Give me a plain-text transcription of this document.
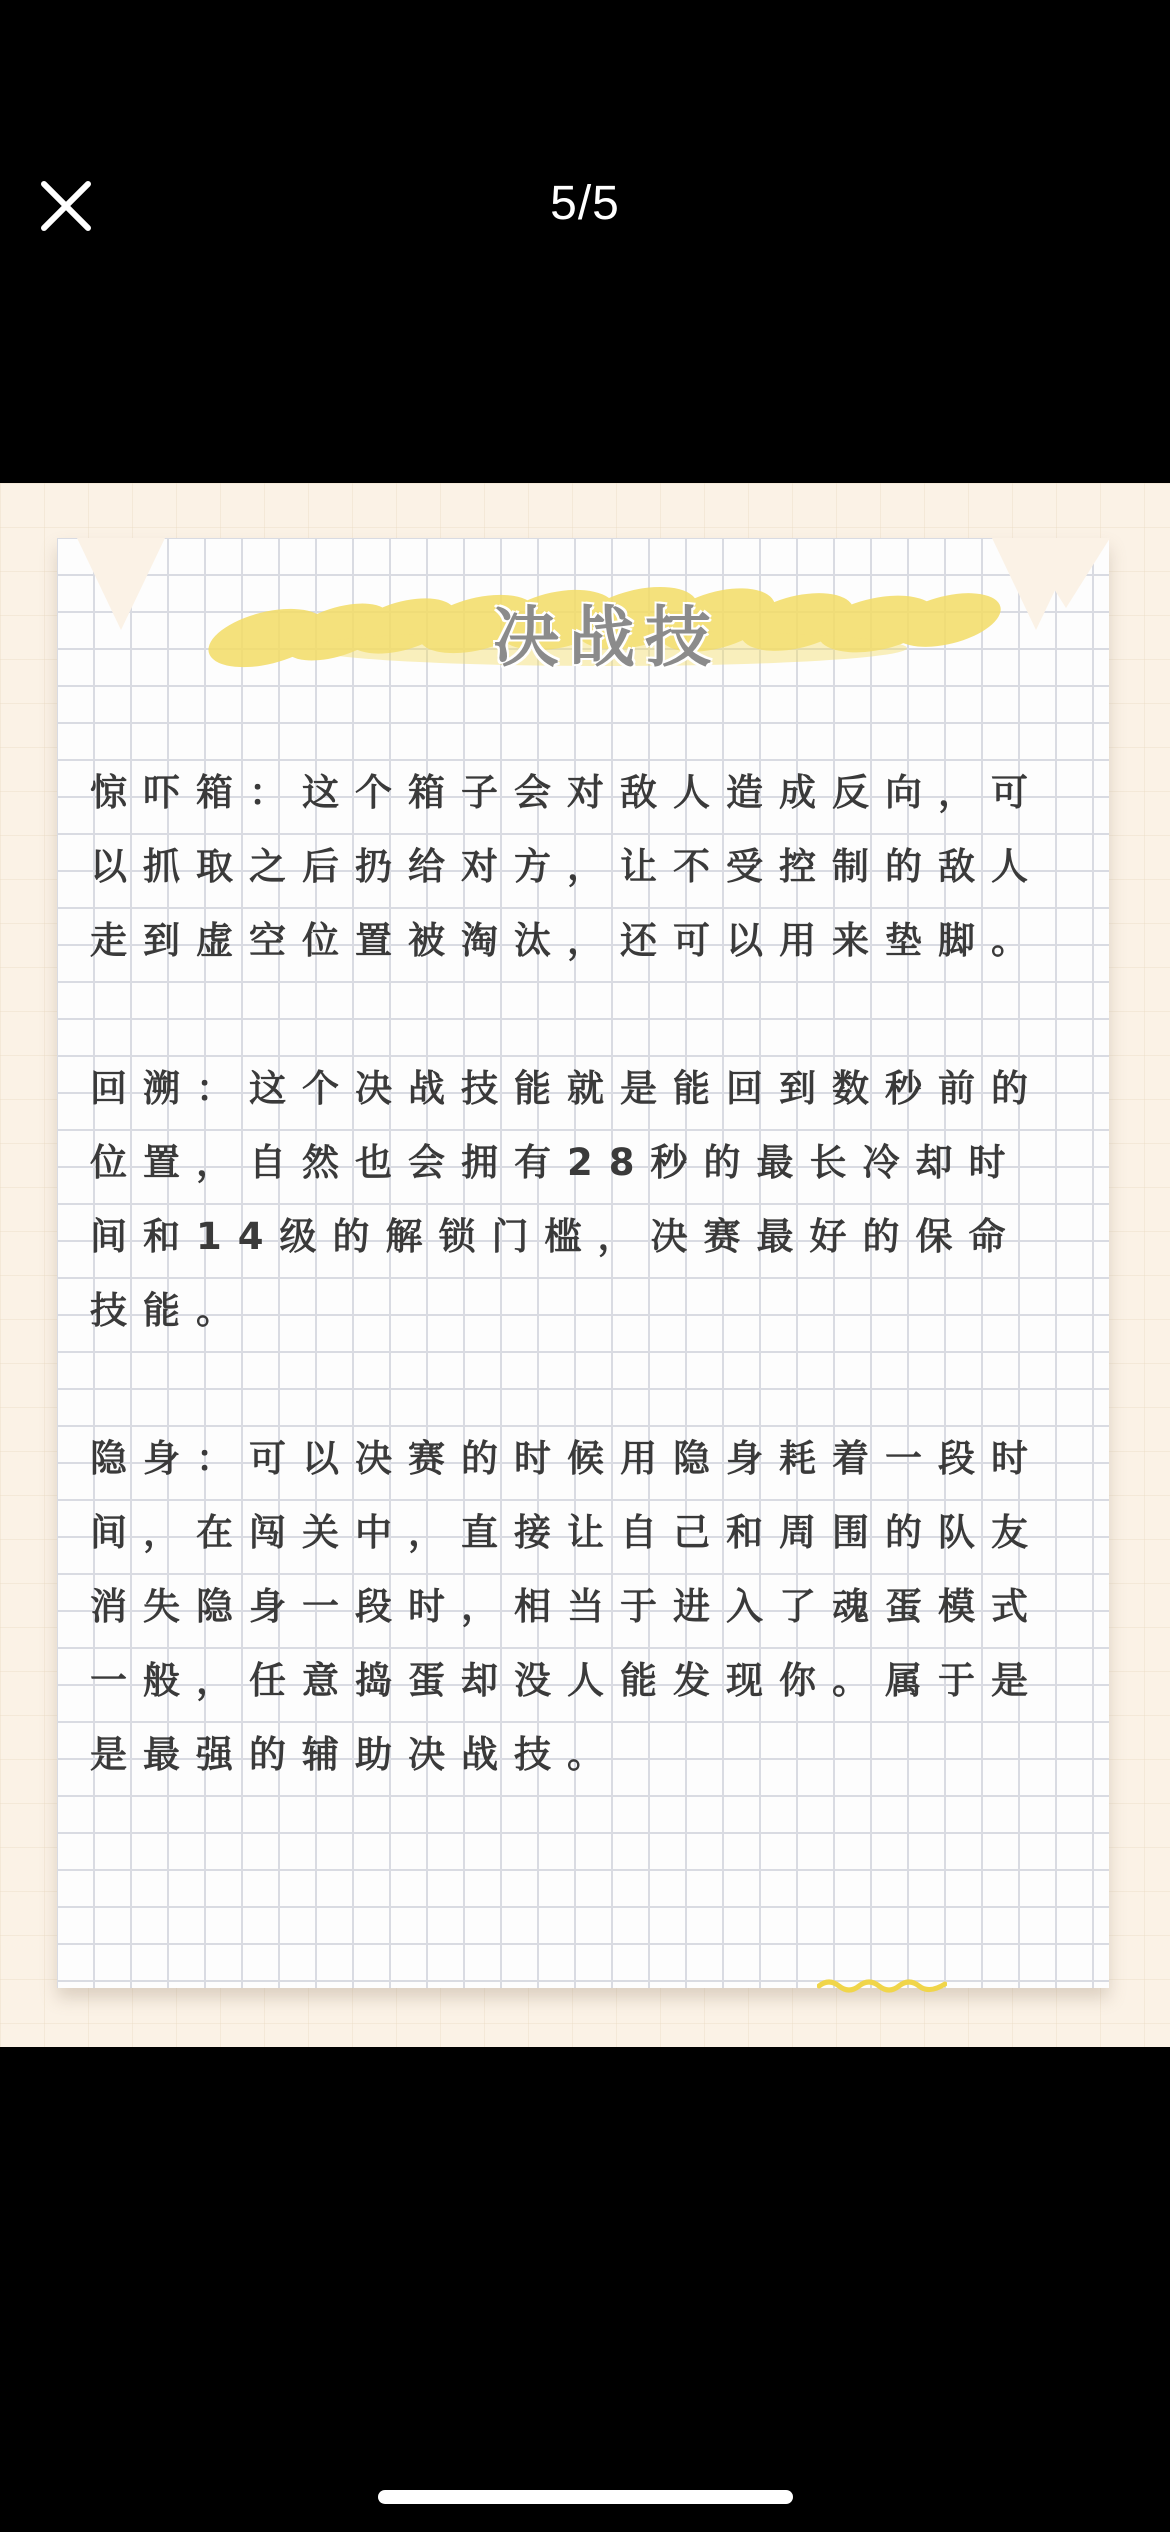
5/5
决战技

惊吓箱：这个箱子会对敌人造成反向，可以抓取之后扔给对方，让不受控制的敌人走到虚空位置被淘汰，还可以用来垫脚。

回溯：这个决战技能就是能回到数秒前的位置，自然也会拥有28秒的最长冷却时间和14级的解锁门槛，决赛最好的保命技能。

隐身：可以决赛的时候用隐身耗着一段时间，在闯关中，直接让自己和周围的队友消失隐身一段时，相当于进入了魂蛋模式一般，任意捣蛋却没人能发现你。属于是是最强的辅助决战技。
